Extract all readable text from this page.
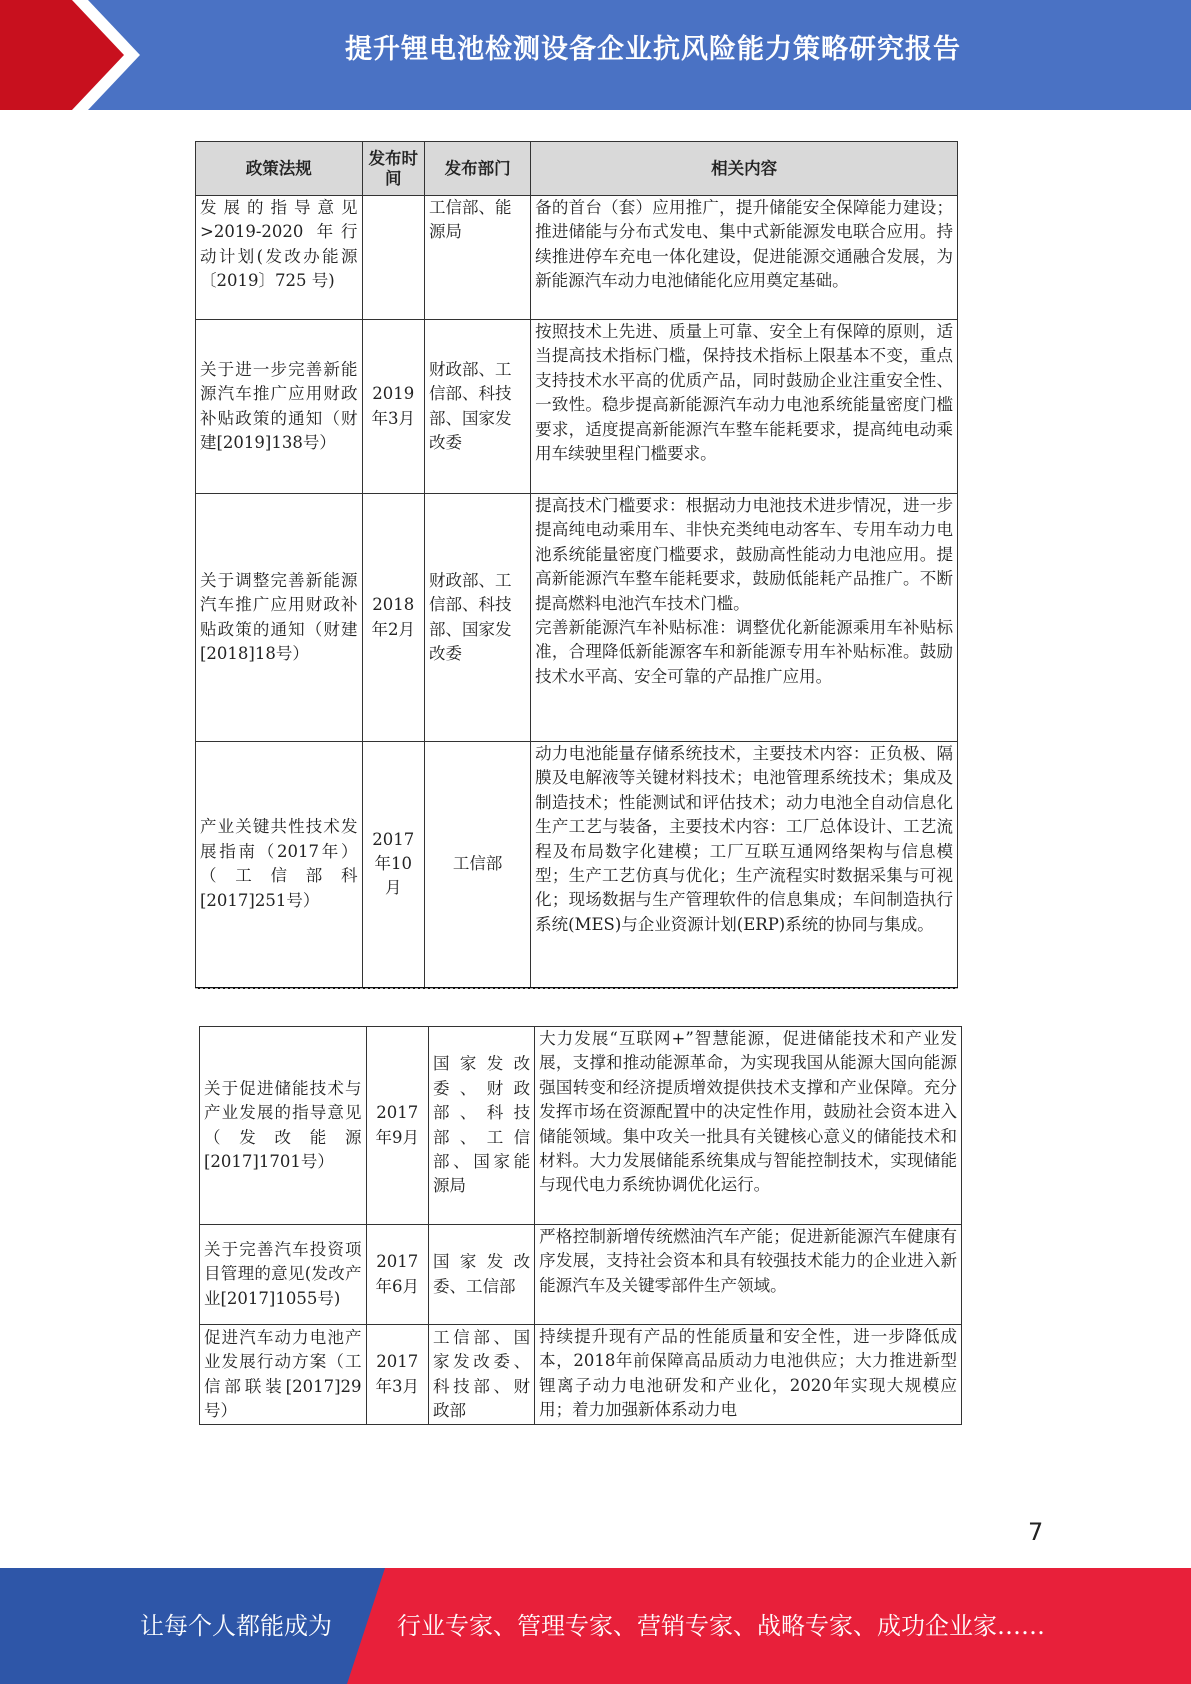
提升锂电池检测设备企业抗风险能力策略研究报告
政策法规	发布时间	发布部门	相关内容
发展的指导意见>2019-2020 年行动计划(发改办能源〔2019〕725 号)		工信部、能源局	备的首台（套）应用推广，提升储能安全保障能力建设；推进储能与分布式发电、集中式新能源发电联合应用。持续推进停车充电一体化建设，促进能源交通融合发展，为新能源汽车动力电池储能化应用奠定基础。
关于进一步完善新能源汽车推广应用财政补贴政策的通知（财建[2019]138号）	2019年3月	财政部、工信部、科技部、国家发改委	按照技术上先进、质量上可靠、安全上有保障的原则，适当提高技术指标门槛，保持技术指标上限基本不变，重点支持技术水平高的优质产品，同时鼓励企业注重安全性、一致性。稳步提高新能源汽车动力电池系统能量密度门槛要求，适度提高新能源汽车整车能耗要求，提高纯电动乘用车续驶里程门槛要求。
关于调整完善新能源汽车推广应用财政补贴政策的通知（财建[2018]18号）	2018年2月	财政部、工信部、科技部、国家发改委	提高技术门槛要求：根据动力电池技术进步情况，进一步提高纯电动乘用车、非快充类纯电动客车、专用车动力电池系统能量密度门槛要求，鼓励高性能动力电池应用。提高新能源汽车整车能耗要求，鼓励低能耗产品推广。不断提高燃料电池汽车技术门槛。
完善新能源汽车补贴标准：调整优化新能源乘用车补贴标准，合理降低新能源客车和新能源专用车补贴标准。鼓励技术水平高、安全可靠的产品推广应用。

产业关键共性技术发展指南（2017年）（工信部科[2017]251号）	2017年10月	工信部	动力电池能量存储系统技术，主要技术内容：正负极、隔膜及电解液等关键材料技术；电池管理系统技术；集成及制造技术；性能测试和评估技术；动力电池全自动信息化生产工艺与装备，主要技术内容：工厂总体设计、工艺流程及布局数字化建模；工厂互联互通网络架构与信息模型；生产工艺仿真与优化；生产流程实时数据采集与可视化；现场数据与生产管理软件的信息集成；车间制造执行系统(MES)与企业资源计划(ERP)系统的协同与集成。
关于促进储能技术与产业发展的指导意见（发改能源[2017]1701号）	2017年9月	国家发改委、财政部、科技部、工信部、国家能源局	大力发展“互联网+”智慧能源，促进储能技术和产业发展，支撑和推动能源革命，为实现我国从能源大国向能源强国转变和经济提质增效提供技术支撑和产业保障。充分发挥市场在资源配置中的决定性作用，鼓励社会资本进入储能领域。集中攻关一批具有关键核心意义的储能技术和材料。大力发展储能系统集成与智能控制技术，实现储能与现代电力系统协调优化运行。
关于完善汽车投资项目管理的意见(发改产业[2017]1055号)	2017年6月	国家发改委、工信部	严格控制新增传统燃油汽车产能；促进新能源汽车健康有序发展，支持社会资本和具有较强技术能力的企业进入新能源汽车及关键零部件生产领域。
促进汽车动力电池产业发展行动方案（工信部联装[2017]29号）	2017年3月	工信部、国家发改委、科技部、财政部	持续提升现有产品的性能质量和安全性，进一步降低成本，2018年前保障高品质动力电池供应；大力推进新型锂离子动力电池研发和产业化，2020年实现大规模应用；着力加强新体系动力电
7
让每个人都能成为	行业专家、管理专家、营销专家、战略专家、成功企业家……
